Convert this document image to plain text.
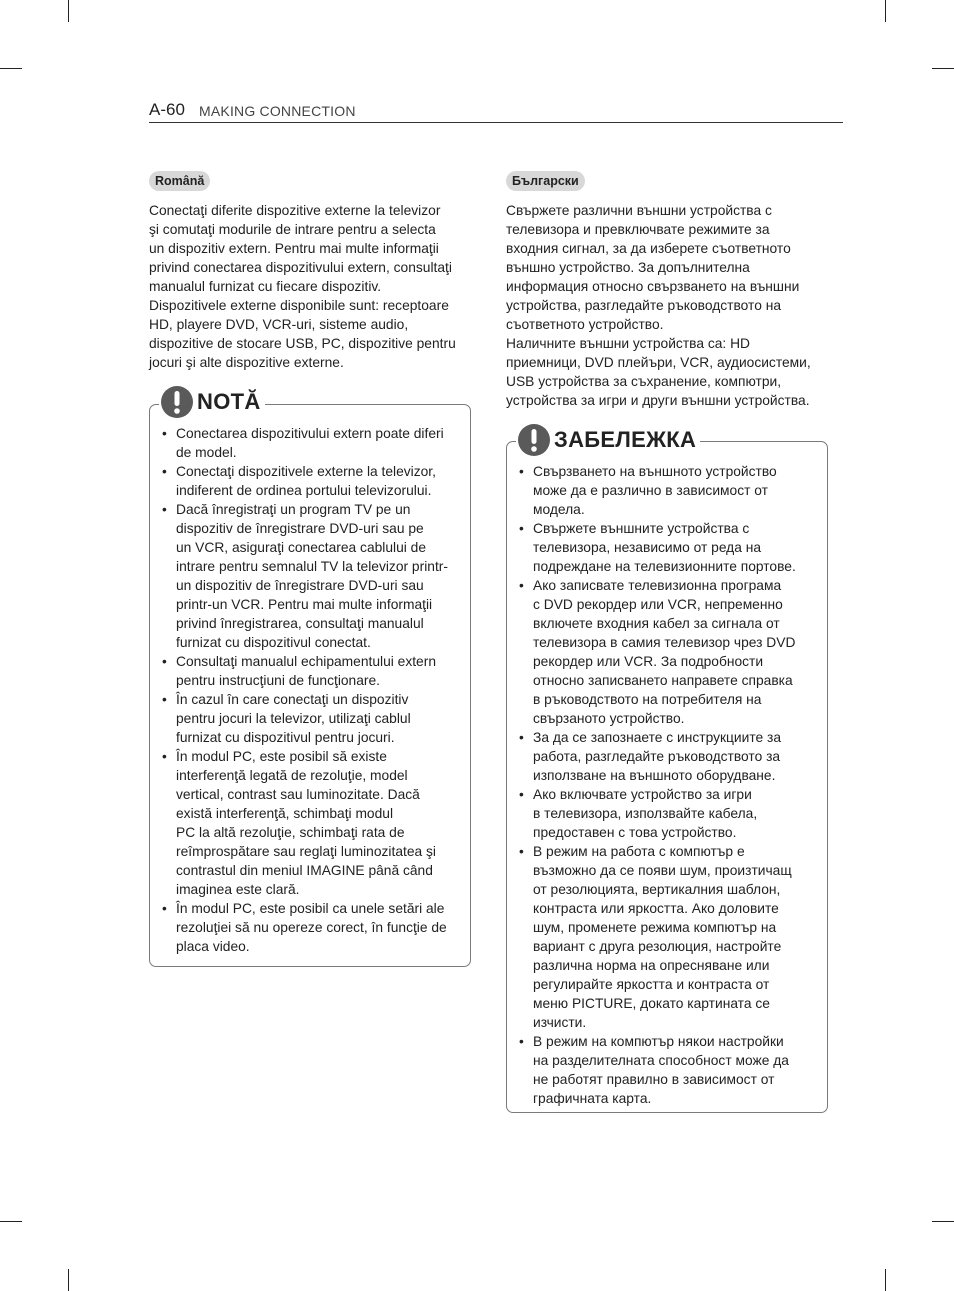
A-60 MAKING CONNECTION
Română

Conectaţi diferite dispozitive externe la televizor
şi comutaţi modurile de intrare pentru a selecta
un dispozitiv extern. Pentru mai multe informaţii
privind conectarea dispozitivului extern, consultaţi
manualul furnizat cu fiecare dispozitiv.
Dispozitivele externe disponibile sunt: receptoare
HD, playere DVD, VCR-uri, sisteme audio,
dispozitive de stocare USB, PC, dispozitive pentru
jocuri şi alte dispozitive externe.

NOTĂ
• Conectarea dispozitivului extern poate diferi
de model.
• Conectaţi dispozitivele externe la televizor,
indiferent de ordinea portului televizorului.
• Dacă înregistraţi un program TV pe un
dispozitiv de înregistrare DVD-uri sau pe
un VCR, asiguraţi conectarea cablului de
intrare pentru semnalul TV la televizor printr-
un dispozitiv de înregistrare DVD-uri sau
printr-un VCR. Pentru mai multe informaţii
privind înregistrarea, consultaţi manualul
furnizat cu dispozitivul conectat.
• Consultaţi manualul echipamentului extern
pentru instrucţiuni de funcţionare.
• În cazul în care conectaţi un dispozitiv
pentru jocuri la televizor, utilizaţi cablul
furnizat cu dispozitivul pentru jocuri.
• În modul PC, este posibil să existe
interferenţă legată de rezoluţie, model
vertical, contrast sau luminozitate. Dacă
există interferenţă, schimbaţi modul
PC la altă rezoluţie, schimbaţi rata de
reîmprospătare sau reglaţi luminozitatea şi
contrastul din meniul IMAGINE până când
imaginea este clară.
• În modul PC, este posibil ca unele setări ale
rezoluţiei să nu opereze corect, în funcţie de
placa video.
Български

Свържете различни външни устройства с
телевизора и превключвате режимите за
входния сигнал, за да изберете съответното
външно устройство. За допълнителна
информация относно свързването на външни
устройства, разгледайте ръководството на
съответното устройство.
Наличните външни устройства са: HD
приемници, DVD плейъри, VCR, аудиосистеми,
USB устройства за съхранение, компютри,
устройства за игри и други външни устройства.

ЗАБЕЛЕЖКА
• Свързването на външното устройство
може да е различно в зависимост от
модела.
• Свържете външните устройства с
телевизора, независимо от реда на
подреждане на телевизионните портове.
• Ако записвате телевизионна програма
с DVD рекордер или VCR, непременно
включете входния кабел за сигнала от
телевизора в самия телевизор чрез DVD
рекордер или VCR. За подробности
относно записването направете справка
в ръководството на потребителя на
свързаното устройство.
• За да се запознаете с инструкциите за
работа, разгледайте ръководството за
използване на външното оборудване.
• Ако включвате устройство за игри
в телевизора, използвайте кабела,
предоставен с това устройство.
• В режим на работа с компютър е
възможно да се появи шум, произтичащ
от резолюцията, вертикалния шаблон,
контраста или яркостта. Ако доловите
шум, променете режима компютър на
вариант с друга резолюция, настройте
различна норма на опресняване или
регулирайте яркостта и контраста от
меню PICTURE, докато картината се
изчисти.
• В режим на компютър някои настройки
на разделителната способност може да
не работят правилно в зависимост от
графичната карта.
